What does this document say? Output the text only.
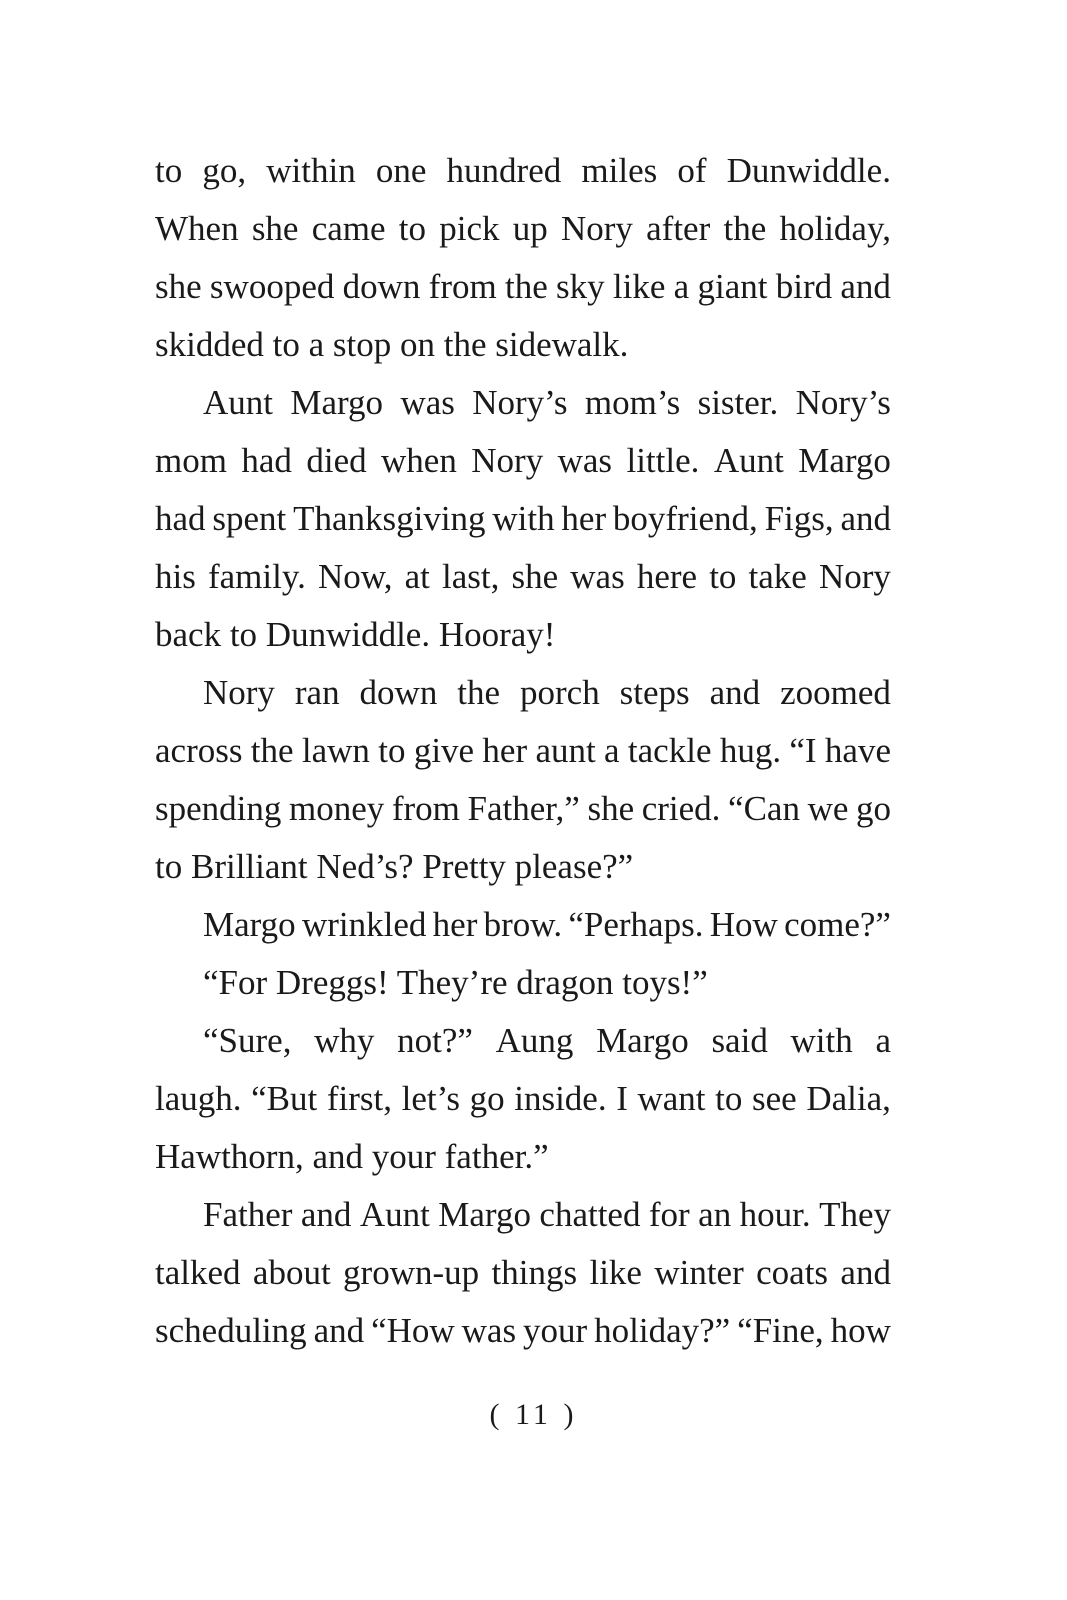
to go, within one hundred miles of Dunwiddle.
When she came to pick up Nory after the holiday,
she swooped down from the sky like a giant bird and
skidded to a stop on the sidewalk.
Aunt Margo was Nory’s mom’s sister. Nory’s
mom had died when Nory was little. Aunt Margo
had spent Thanksgiving with her boyfriend, Figs, and
his family. Now, at last, she was here to take Nory
back to Dunwiddle. Hooray!
Nory ran down the porch steps and zoomed
across the lawn to give her aunt a tackle hug. “I have
spending money from Father,” she cried. “Can we go
to Brilliant Ned’s? Pretty please?”
Margo wrinkled her brow. “Perhaps. How come?”
“For Dreggs! They’re dragon toys!”
“Sure, why not?” Aung Margo said with a
laugh. “But first, let’s go inside. I want to see Dalia,
Hawthorn, and your father.”
Father and Aunt Margo chatted for an hour. They
talked about grown-up things like winter coats and
scheduling and “How was your holiday?” “Fine, how
( 11 )
